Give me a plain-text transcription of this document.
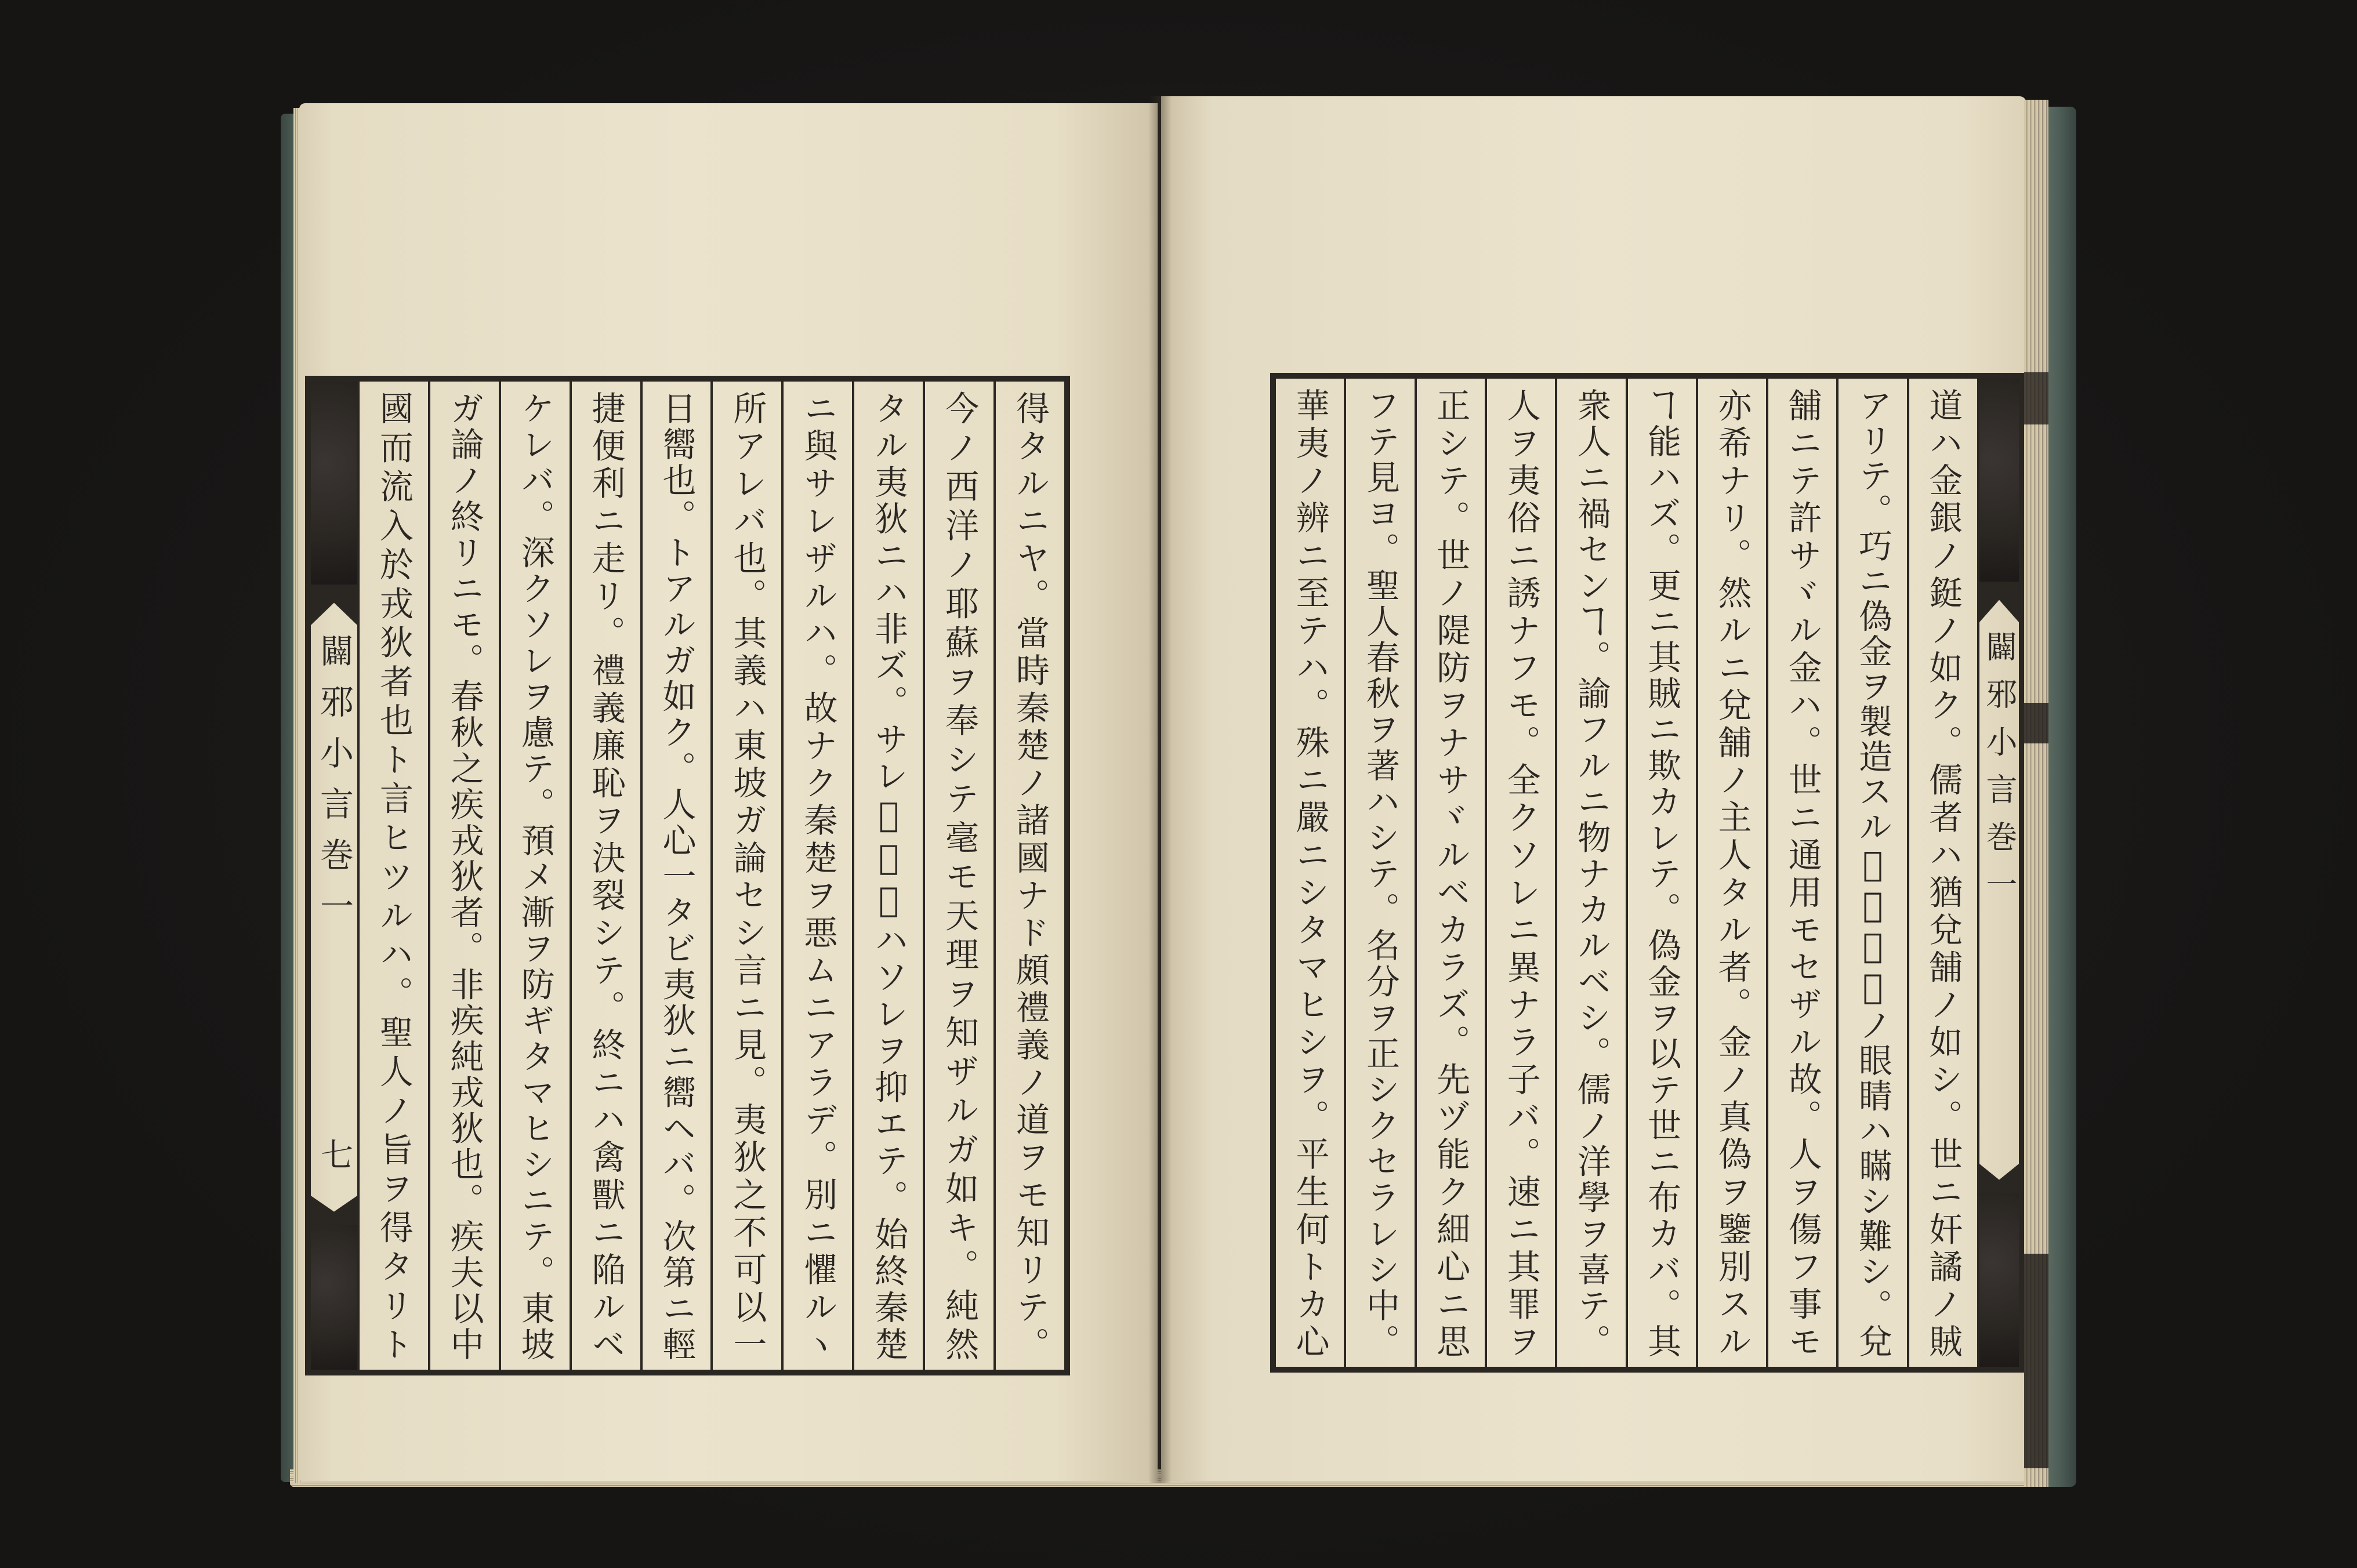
得タルニヤ。當時秦楚ノ諸國ナド頗禮義ノ道ヲモ知リテ。
今ノ西洋ノ耶蘇ヲ奉シテ毫モ天理ヲ知ザルガ如キ。純然
タル夷狄ニハ非ズ。サレ𪜈春秋ハソレヲ抑エテ。始終秦楚
ニ與サレザルハ。故ナク秦楚ヲ悪ムニアラデ。別ニ懼ルヽ
所アレバ也。其義ハ東坡ガ論セシ言ニ見。夷狄之不可以一
日嚮也。トアルガ如ク。人心一タビ夷狄ニ嚮ヘバ。次第ニ輕
捷便利ニ走リ。禮義廉恥ヲ決裂シテ。終ニハ禽獸ニ陥ルベ
ケレバ。深クソレヲ慮テ。預メ漸ヲ防ギタマヒシニテ。東坡
ガ論ノ終リニモ。春秋之疾戎狄者。非疾純戎狄也。疾夫以中
國而流入於戎狄者也ト言ヒツルハ。聖人ノ旨ヲ得タリト
闢邪小言巻一
七
闢邪小言巻一
道ハ金銀ノ鋌ノ如ク。儒者ハ猶兌舗ノ如シ。世ニ奸譎ノ賊
アリテ。巧ニ偽金ヲ製造スル𪜈。兌舗ノ眼睛ハ瞞シ難シ。兌
舗ニテ許サヾル金ハ。世ニ通用モセザル故。人ヲ傷フ事モ
亦希ナリ。然ルニ兌舗ノ主人タル者。金ノ真偽ヲ鑒別スル
ヿ能ハズ。更ニ其賊ニ欺カレテ。偽金ヲ以テ世ニ布カバ。其
衆人ニ禍センヿ。諭フルニ物ナカルベシ。儒ノ洋學ヲ喜テ。
人ヲ夷俗ニ誘ナフモ。全クソレニ異ナラ子バ。速ニ其罪ヲ
正シテ。世ノ隄防ヲナサヾルベカラズ。先ヅ能ク細心ニ思
フテ見ヨ。聖人春秋ヲ著ハシテ。名分ヲ正シクセラレシ中。
華夷ノ辨ニ至テハ。殊ニ嚴ニシタマヒシヲ。平生何トカ心
